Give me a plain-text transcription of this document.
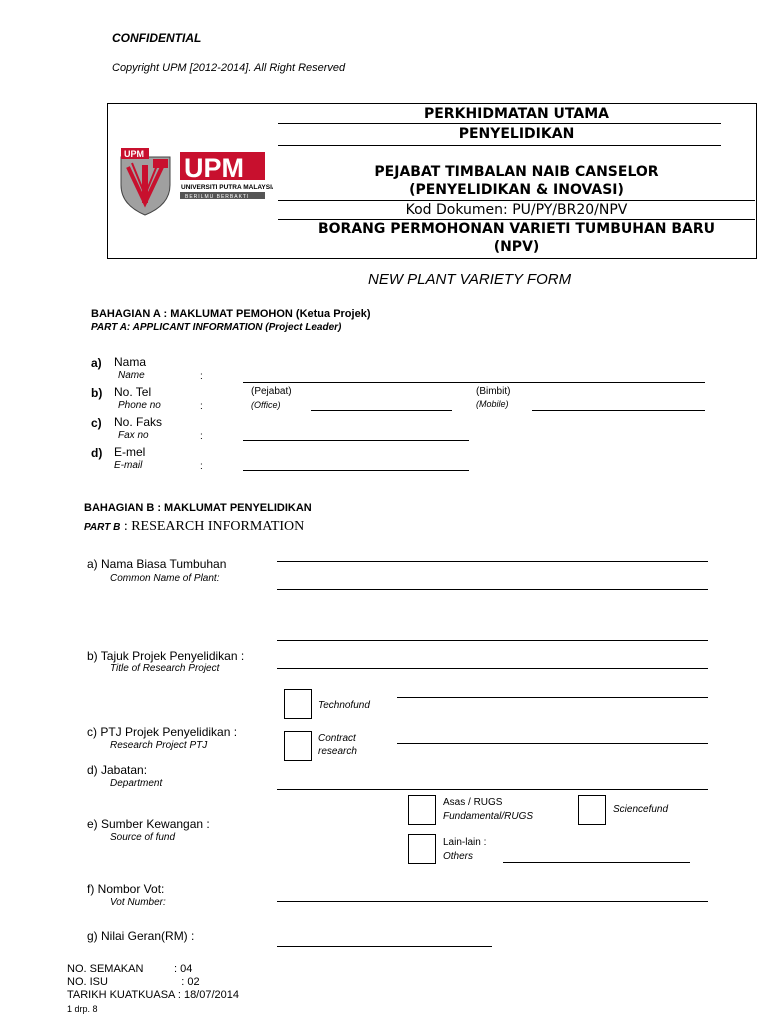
CONFIDENTIAL
Copyright UPM [2012-2014]. All Right Reserved
UPM UPM
UNIVERSITI PUTRA MALAYSIA
BERILMU BERBAKTI
PERKHIDMATAN UTAMA
PENYELIDIKAN
PEJABAT TIMBALAN NAIB CANSELOR
(PENYELIDIKAN & INOVASI)
Kod Dokumen: PU/PY/BR20/NPV
BORANG PERMOHONAN VARIETI TUMBUHAN BARU
(NPV)
NEW PLANT VARIETY FORM
BAHAGIAN A : MAKLUMAT PEMOHON (Ketua Projek)
PART A: APPLICANT INFORMATION (Project Leader)
a) Nama
Name	:
b) No. Tel
Phone no	:
(Pejabat)
(Office)
(Bimbit)
(Mobile)
c) No. Faks
Fax no	:
d) E-mel
E-mail	:
BAHAGIAN B : MAKLUMAT PENYELIDIKAN
PART B : RESEARCH INFORMATION
a) Nama Biasa Tumbuhan
Common Name of Plant:
b) Tajuk Projek Penyelidikan :
Title of Research Project
Technofund
c) PTJ Projek Penyelidikan :
Research Project PTJ
Contract
research
d) Jabatan:
Department
Asas / RUGS
Fundamental/RUGS
Sciencefund
e) Sumber Kewangan :
Source of fund	Lain-lain :
Others
f) Nombor Vot:
Vot Number:
g) Nilai Geran(RM) :
NO. SEMAKAN          : 04
NO. ISU                        : 02
TARIKH KUATKUASA : 18/07/2014
1 drp. 8
